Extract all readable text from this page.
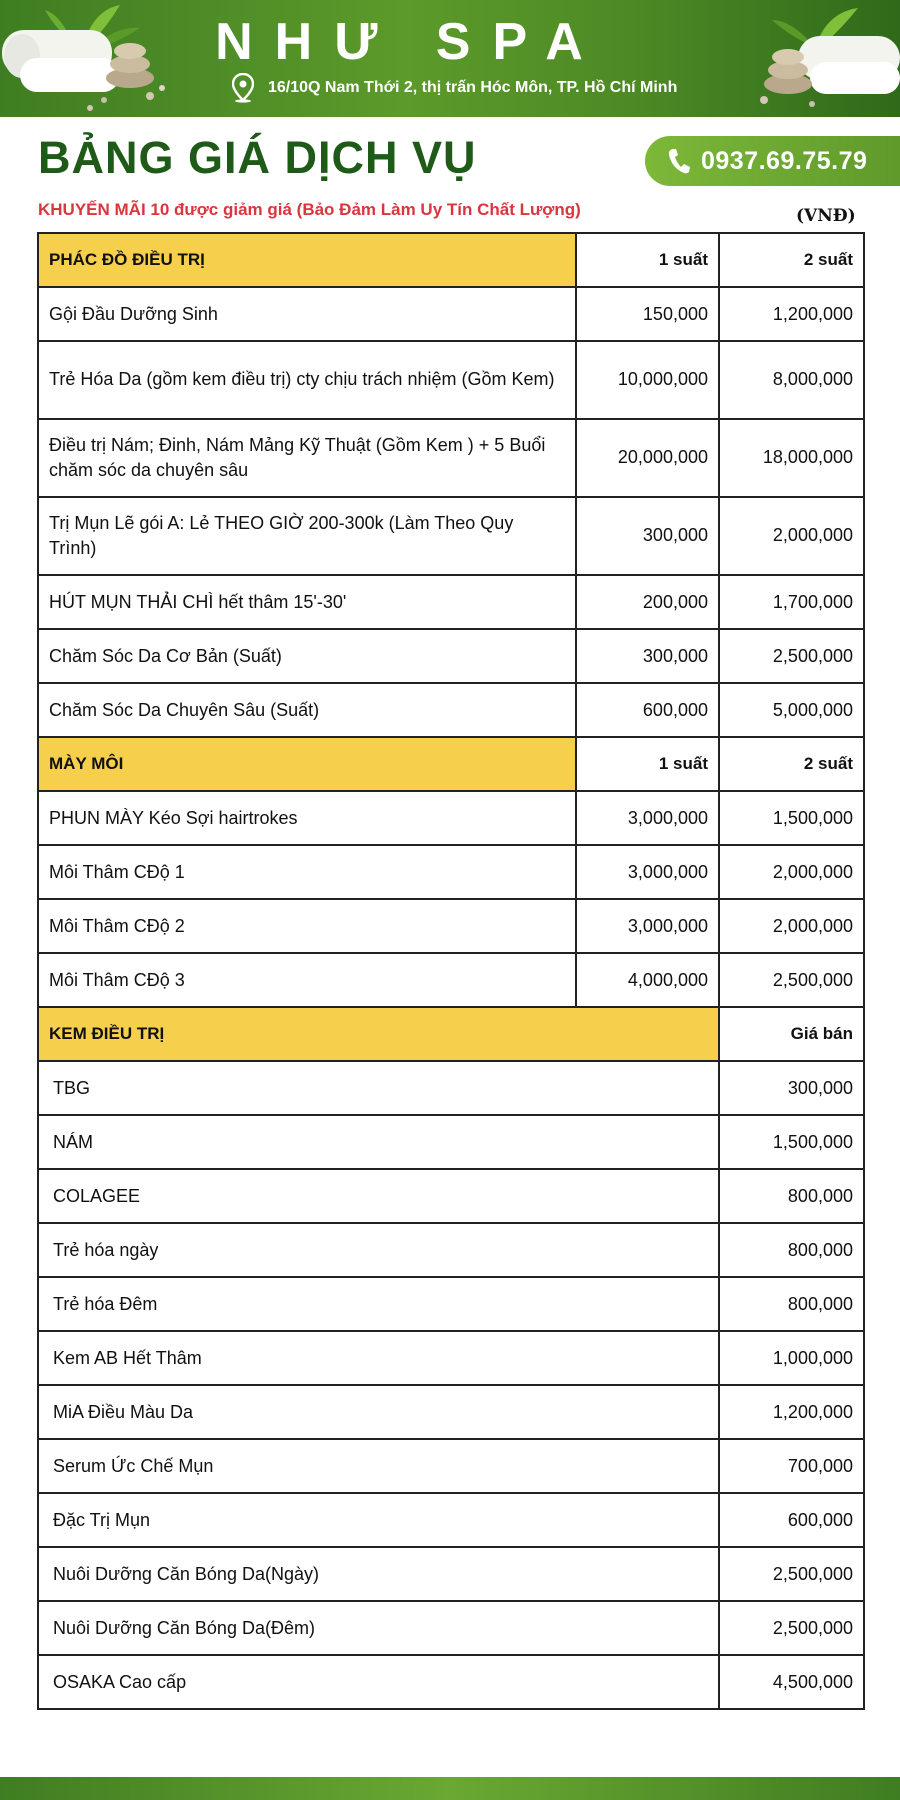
NHƯ SPA
16/10Q Nam Thới 2, thị trấn Hóc Môn, TP. Hồ Chí Minh
BẢNG GIÁ DỊCH VỤ	0937.69.75.79
KHUYẾN MÃI 10 được giảm giá (Bảo Đảm Làm Uy Tín Chất Lượng)	(VNĐ)
PHÁC ĐỒ ĐIỀU TRỊ	1 suất	2 suất
Gội Đầu Dưỡng Sinh	150,000	1,200,000
Trẻ Hóa Da (gồm kem điều trị) cty chịu trách nhiệm (Gồm Kem)	10,000,000	8,000,000
Điều trị Nám; Đinh, Nám Mảng Kỹ Thuật (Gồm Kem ) + 5 Buổi chăm sóc da chuyên sâu	20,000,000	18,000,000
Trị Mụn Lẽ gói A: Lẻ THEO GIỜ 200-300k (Làm Theo Quy Trình)	300,000	2,000,000
HÚT MỤN THẢI CHÌ hết thâm 15'-30'	200,000	1,700,000
Chăm Sóc Da Cơ Bản (Suất)	300,000	2,500,000
Chăm Sóc Da Chuyên Sâu (Suất)	600,000	5,000,000
MÀY MÔI	1 suất	2 suất
PHUN MÀY Kéo Sợi hairtrokes	3,000,000	1,500,000
Môi Thâm CĐộ 1	3,000,000	2,000,000
Môi Thâm CĐộ 2	3,000,000	2,000,000
Môi Thâm CĐộ 3	4,000,000	2,500,000
KEM ĐIỀU TRỊ		Giá bán
TBG		300,000
NÁM		1,500,000
COLAGEE		800,000
Trẻ hóa ngày		800,000
Trẻ hóa Đêm		800,000
Kem AB Hết Thâm		1,000,000
MiA Điều Màu Da		1,200,000
Serum Ức Chế Mụn		700,000
Đặc Trị Mụn		600,000
Nuôi Dưỡng Căn Bóng Da(Ngày)		2,500,000
Nuôi Dưỡng Căn Bóng Da(Đêm)		2,500,000
OSAKA Cao cấp		4,500,000
